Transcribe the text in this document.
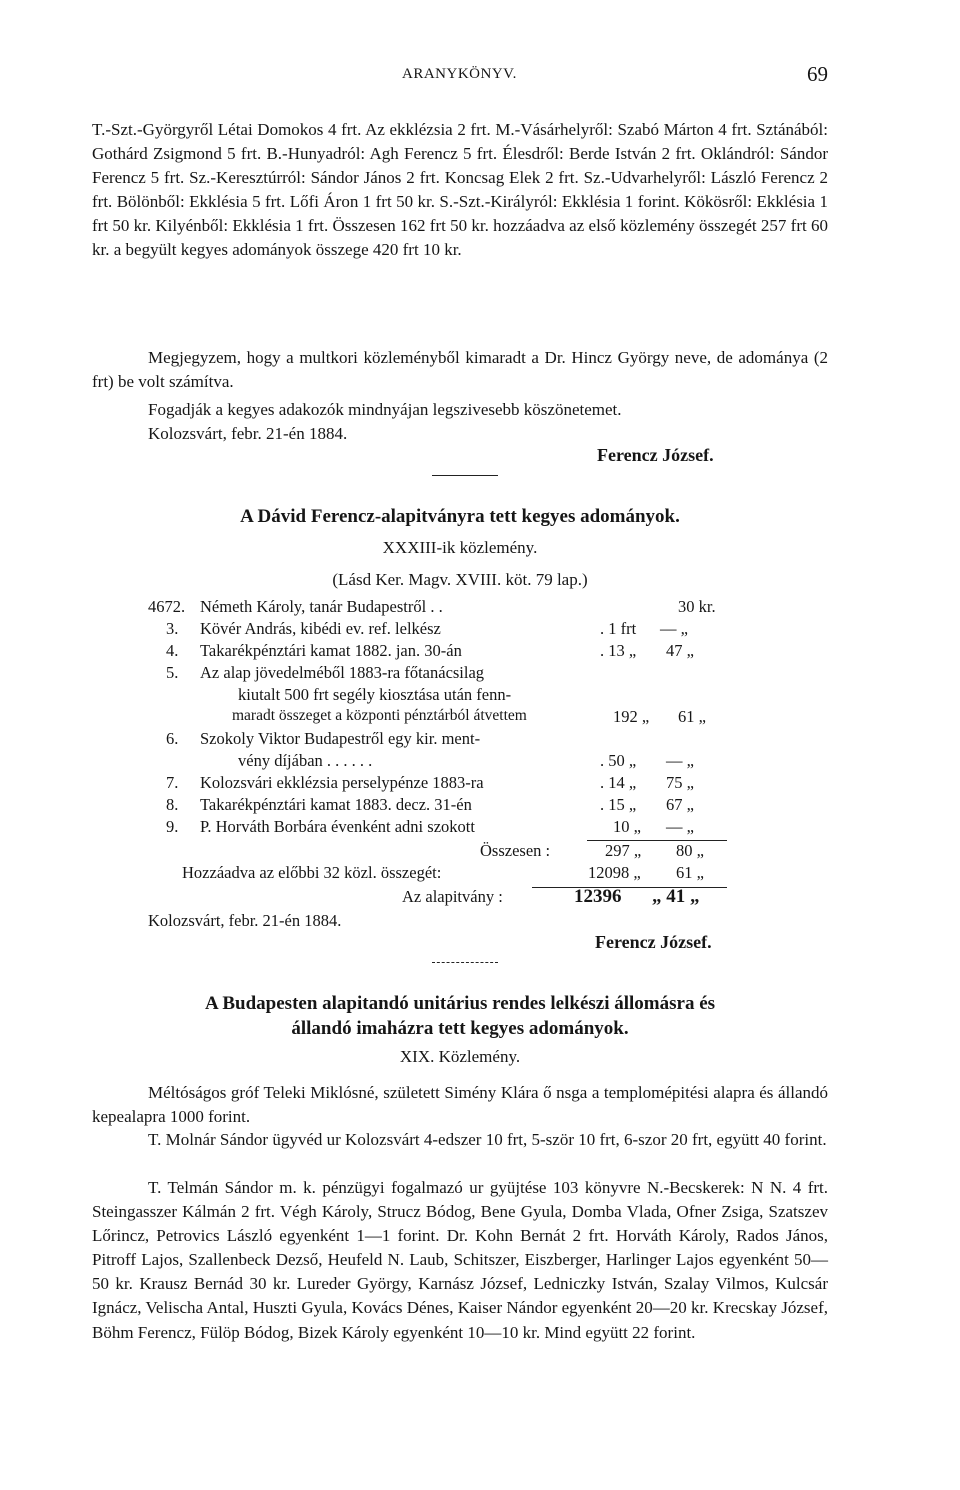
ARANYKÖNYV.	69

T.-Szt.-Györgyről Létai Domokos 4 frt. Az ekklézsia 2 frt. M.-Vásárhelyről: Szabó Márton 4 frt. Sztánából: Gothárd Zsigmond 5 frt. B.-Hunyadról: Agh Ferencz 5 frt. Élesdről: Berde István 2 frt. Oklándról: Sándor Ferencz 5 frt. Sz.-Keresztúrról: Sándor János 2 frt. Koncsag Elek 2 frt. Sz.-Udvarhelyről: László Ferencz 2 frt. Bölönből: Ekklésia 5 frt. Lőfi Áron 1 frt 50 kr. S.-Szt.-Királyról: Ekklésia 1 forint. Kökösről: Ekklésia 1 frt 50 kr. Kilyénből: Ekklésia 1 frt. Összesen 162 frt 50 kr. hozzáadva az első közlemény összegét 257 frt 60 kr. a begyült kegyes adományok összege 420 frt 10 kr.

Megjegyzem, hogy a multkori közleményből kimaradt a Dr. Hincz György neve, de adománya (2 frt) be volt számítva.

Fogadják a kegyes adakozók mindnyájan legszivesebb köszönetemet.

Kolozsvárt, febr. 21-én 1884.

Ferencz József.

A Dávid Ferencz-alapitványra tett kegyes adományok.

XXXIII-ik közlemény.

(Lásd Ker. Magv. XVIII. köt. 79 lap.)

4672. Németh Károly, tanár Budapestről . .	30 kr.
3. Kövér András, kibédi ev. ref. lelkész	. 1 frt — „
4. Takarékpénztári kamat 1882. jan. 30-án	. 13 „ 47 „
5. Az alap jövedelméből 1883-ra főtanácsilag
kiutalt 500 frt segély kiosztása után fenn-
maradt összeget a központi pénztárból átvettem	192 „ 61 „
6. Szokoly Viktor Budapestről egy kir. ment-
vény díjában . . . . . .	. 50 „ — „
7. Kolozsvári ekklézsia perselypénze 1883-ra	. 14 „ 75 „
8. Takarékpénztári kamat 1883. decz. 31-én	. 15 „ 67 „
9. P. Horváth Borbára évenként adni szokott	10 „ — „
Összesen :	297 „ 80 „
Hozzáadva az előbbi 32 közl. összegét:	12098 „ 61 „
Az alapitvány :	12396 „ 41 „
Kolozsvárt, febr. 21-én 1884.
Ferencz József.

A Budapesten alapitandó unitárius rendes lelkészi állomásra és

állandó imaházra tett kegyes adományok.

XIX. Közlemény.

Méltóságos gróf Teleki Miklósné, született Simény Klára ő nsga a templomépitési alapra és állandó kepealapra 1000 forint.

T. Molnár Sándor ügyvéd ur Kolozsvárt 4-edszer 10 frt, 5-ször 10 frt, 6-szor 20 frt, együtt 40 forint.

T. Telmán Sándor m. k. pénzügyi fogalmazó ur gyüjtése 103 könyvre N.-Becskerek: N N. 4 frt. Steingasszer Kálmán 2 frt. Végh Károly, Strucz Bódog, Bene Gyula, Domba Vlada, Ofner Zsiga, Szatszev Lőrincz, Petrovics László egyenként 1—1 forint. Dr. Kohn Bernát 2 frt. Horváth Károly, Rados János, Pitroff Lajos, Szallenbeck Dezső, Heufeld N. Laub, Schitszer, Eiszberger, Harlinger Lajos egyenként 50—50 kr. Krausz Bernád 30 kr. Lureder György, Karnász József, Ledniczky István, Szalay Vilmos, Kulcsár Ignácz, Velischa Antal, Huszti Gyula, Kovács Dénes, Kaiser Nándor egyenként 20—20 kr. Krecskay József, Böhm Ferencz, Fülöp Bódog, Bizek Károly egyenként 10—10 kr. Mind együtt 22 forint.
